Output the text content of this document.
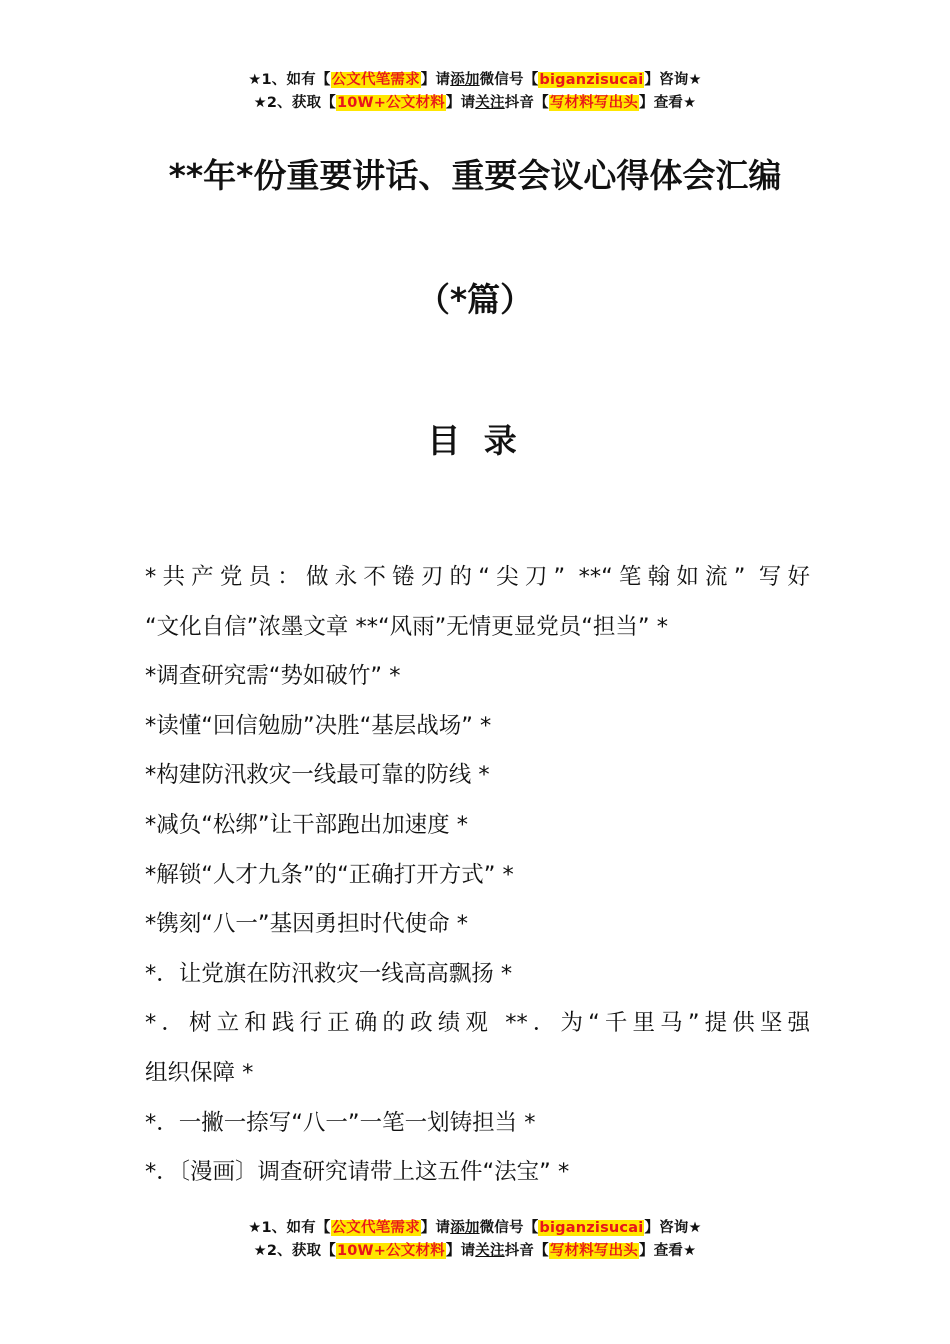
★1、如有【公文代笔需求】请添加微信号【biganzisucai】咨询★
★2、获取【10W+公文材料】请关注抖音【写材料写出头】查看★
**年*份重要讲话、重要会议心得体会汇编
（*篇）
目 录
*共产党员：做永不锩刃的“尖刀” **“笔翰如流” 写好
“文化自信”浓墨文章 **“风雨”无情更显党员“担当” *
*调查研究需“势如破竹” *
*读懂“回信勉励”决胜“基层战场” *
*构建防汛救灾一线最可靠的防线 *
*减负“松绑”让干部跑出加速度 *
*解锁“人才九条”的“正确打开方式” *
*镌刻“八一”基因勇担时代使命 *
*．让党旗在防汛救灾一线高高飘扬 *
*．树立和践行正确的政绩观 **．为“千里马”提供坚强
组织保障 *
*．一撇一捺写“八一”一笔一划铸担当 *
*．〔漫画〕调查研究请带上这五件“法宝” *
★1、如有【公文代笔需求】请添加微信号【biganzisucai】咨询★
★2、获取【10W+公文材料】请关注抖音【写材料写出头】查看★
